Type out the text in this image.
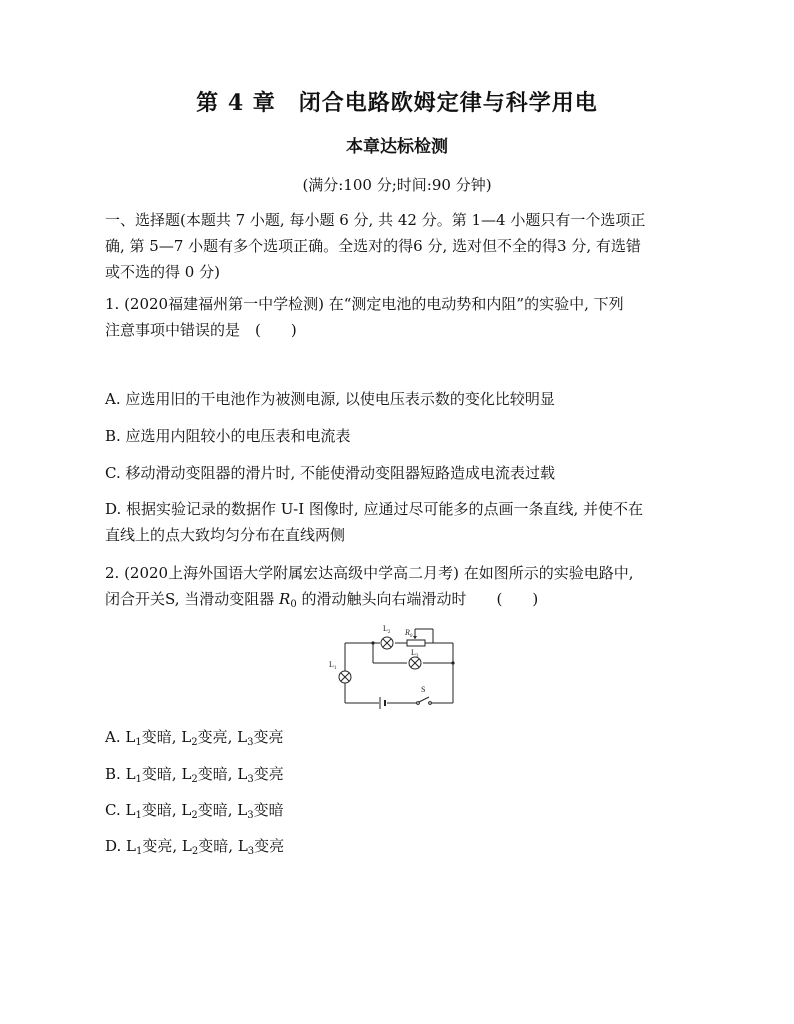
第 4 章　闭合电路欧姆定律与科学用电
本章达标检测
(满分:100 分;时间:90 分钟)
一、选择题(本题共 7 小题, 每小题 6 分, 共 42 分。第 1—4 小题只有一个选项正
确, 第 5—7 小题有多个选项正确。全选对的得6 分, 选对但不全的得3 分, 有选错
或不选的得 0 分)
1. (2020福建福州第一中学检测) 在“测定电池的电动势和内阻”的实验中, 下列
注意事项中错误的是　(　　)
A. 应选用旧的干电池作为被测电源, 以使电压表示数的变化比较明显
B. 应选用内阻较小的电压表和电流表
C. 移动滑动变阻器的滑片时, 不能使滑动变阻器短路造成电流表过载
D. 根据实验记录的数据作 U-I 图像时, 应通过尽可能多的点画一条直线, 并使不在
直线上的点大致均匀分布在直线两侧
2. (2020上海外国语大学附属宏达高级中学高二月考) 在如图所示的实验电路中,
闭合开关S, 当滑动变阻器 $R_0$ 的滑动触头向右端滑动时　　(　　)
$L_2$ $R_0$
$L_3$
$L_1$
S
A. $L_1$变暗, $L_2$变亮, $L_3$变亮
B. $L_1$变暗, $L_2$变暗, $L_3$变亮
C. $L_1$变暗, $L_2$变暗, $L_3$变暗
D. $L_1$变亮, $L_2$变暗, $L_3$变亮
